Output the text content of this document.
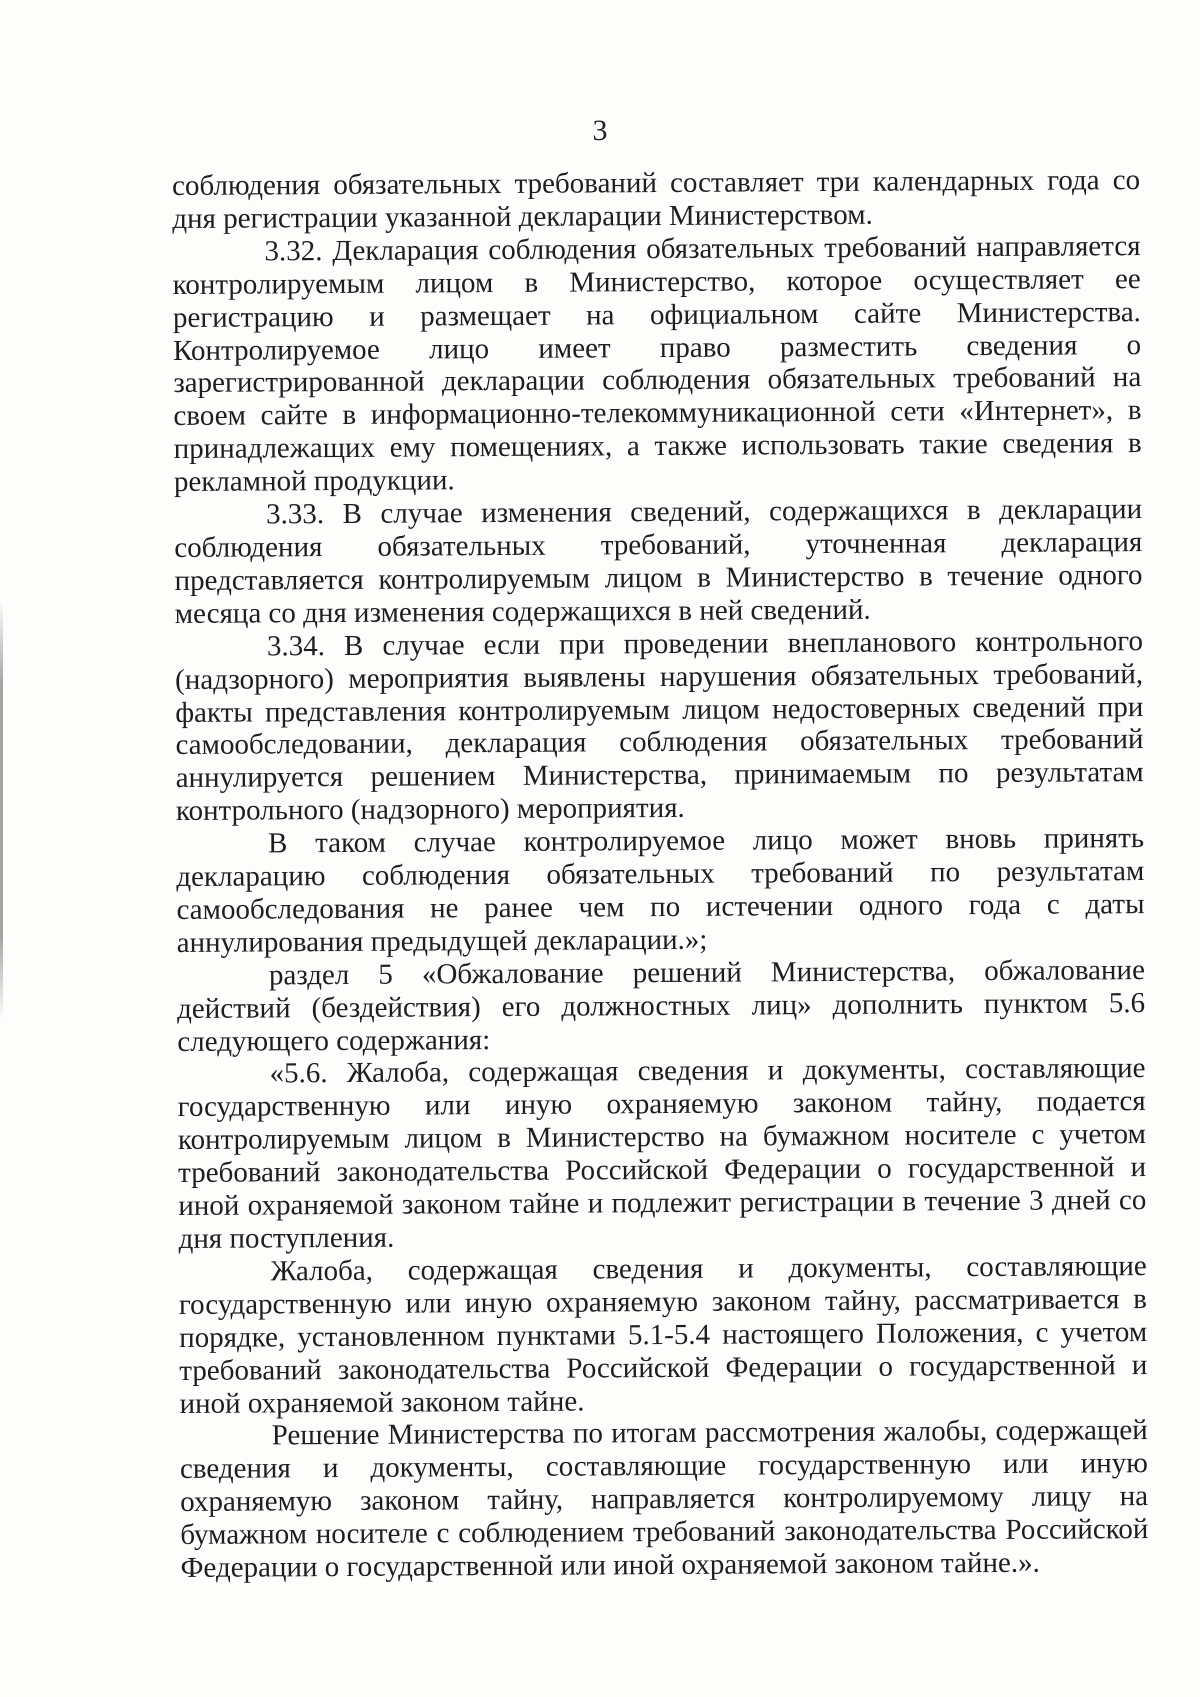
3

соблюдения обязательных требований составляет три календарных года со дня регистрации указанной декларации Министерством.

3.32. Декларация соблюдения обязательных требований направляется контролируемым лицом в Министерство, которое осуществляет ее регистрацию и размещает на официальном сайте Министерства. Контролируемое лицо имеет право разместить сведения о зарегистрированной декларации соблюдения обязательных требований на своем сайте в информационно-телекоммуникационной сети «Интернет», в принадлежащих ему помещениях, а также использовать такие сведения в рекламной продукции.

3.33. В случае изменения сведений, содержащихся в декларации соблюдения обязательных требований, уточненная декларация представляется контролируемым лицом в Министерство в течение одного месяца со дня изменения содержащихся в ней сведений.

3.34. В случае если при проведении внепланового контрольного (надзорного) мероприятия выявлены нарушения обязательных требований, факты представления контролируемым лицом недостоверных сведений при самообследовании, декларация соблюдения обязательных требований аннулируется решением Министерства, принимаемым по результатам контрольного (надзорного) мероприятия.

В таком случае контролируемое лицо может вновь принять декларацию соблюдения обязательных требований по результатам самообследования не ранее чем по истечении одного года с даты аннулирования предыдущей декларации.»;

раздел 5 «Обжалование решений Министерства, обжалование действий (бездействия) его должностных лиц» дополнить пунктом 5.6 следующего содержания:

«5.6. Жалоба, содержащая сведения и документы, составляющие государственную или иную охраняемую законом тайну, подается контролируемым лицом в Министерство на бумажном носителе с учетом требований законодательства Российской Федерации о государственной и иной охраняемой законом тайне и подлежит регистрации в течение 3 дней со дня поступления.

Жалоба, содержащая сведения и документы, составляющие государственную или иную охраняемую законом тайну, рассматривается в порядке, установленном пунктами 5.1-5.4 настоящего Положения, с учетом требований законодательства Российской Федерации о государственной и иной охраняемой законом тайне.

Решение Министерства по итогам рассмотрения жалобы, содержащей сведения и документы, составляющие государственную или иную охраняемую законом тайну, направляется контролируемому лицу на бумажном носителе с соблюдением требований законодательства Российской Федерации о государственной или иной охраняемой законом тайне.».
